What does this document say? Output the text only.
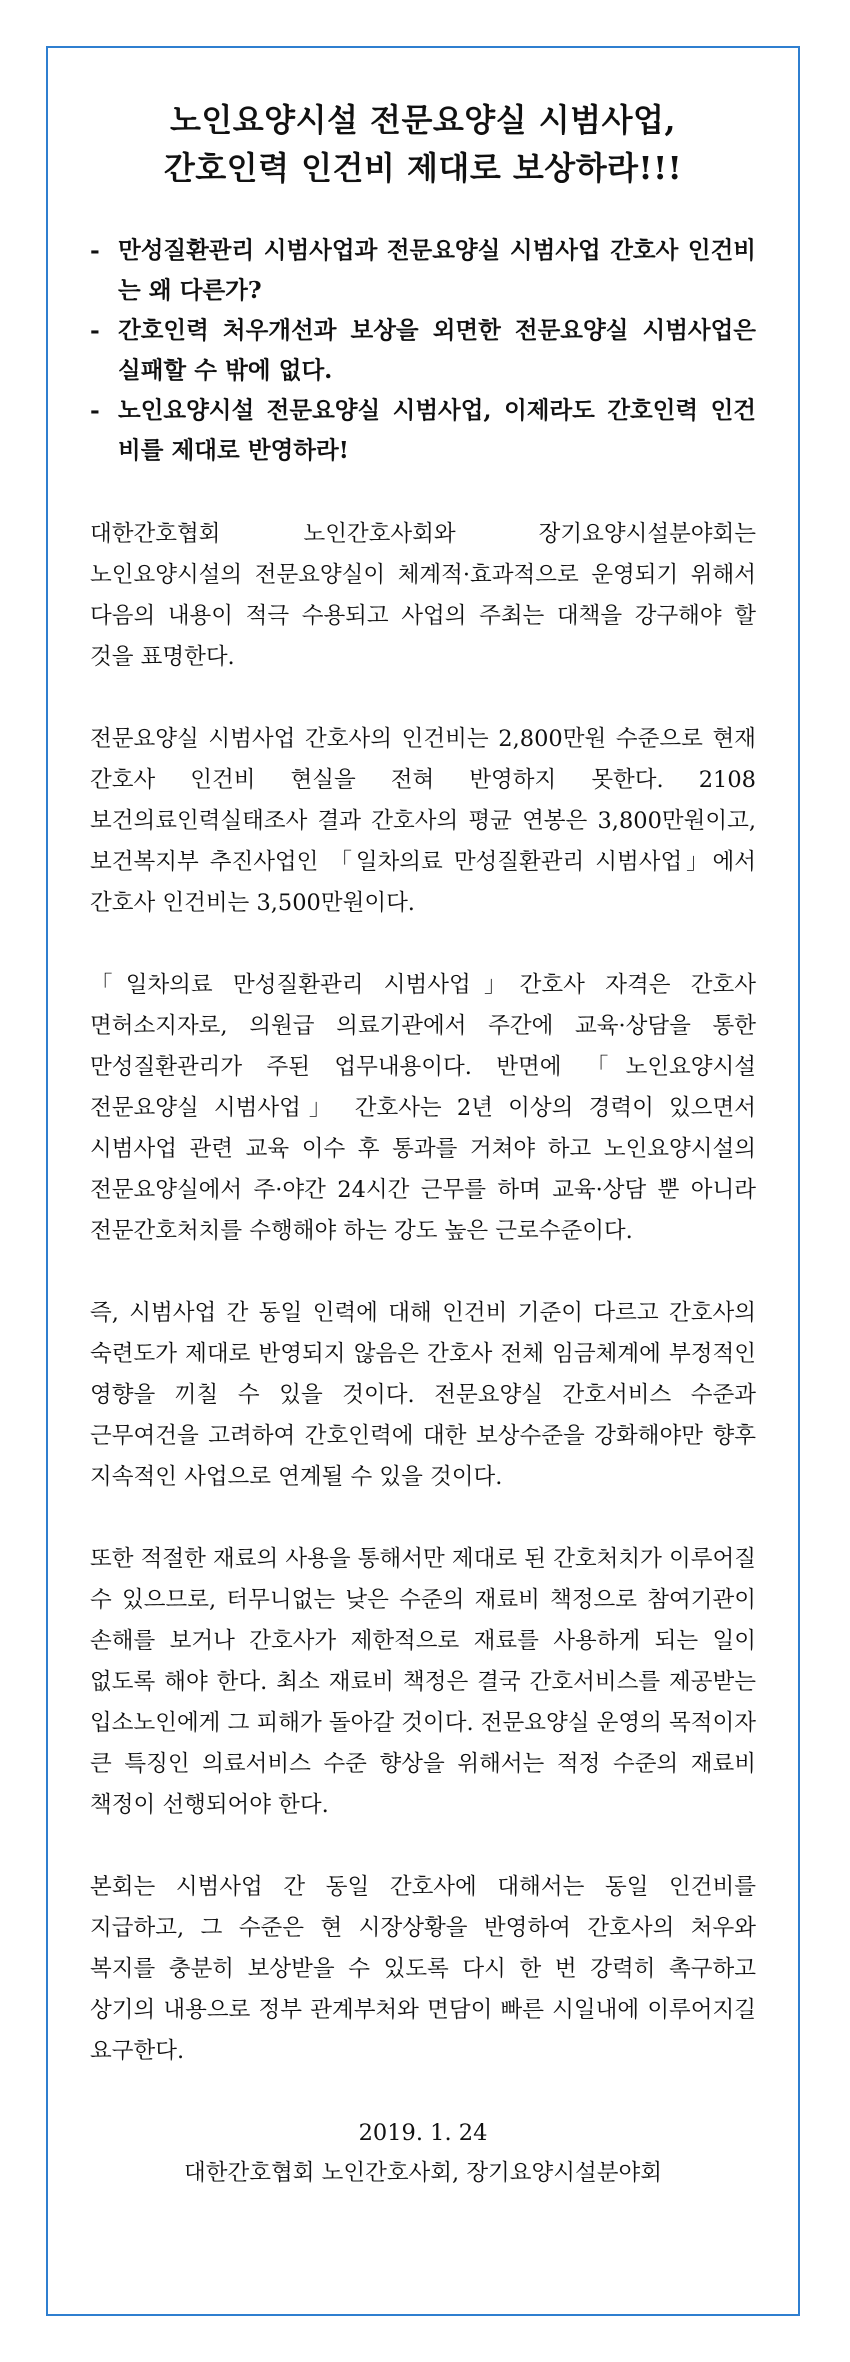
노인요양시설 전문요양실 시범사업,
간호인력 인건비 제대로 보상하라!!!
- 만성질환관리 시범사업과 전문요양실 시범사업 간호사 인건비는 왜 다른가?
- 간호인력 처우개선과 보상을 외면한 전문요양실 시범사업은 실패할 수 밖에 없다.
- 노인요양시설 전문요양실 시범사업, 이제라도 간호인력 인건비를 제대로 반영하라!

대한간호협회 노인간호사회와 장기요양시설분야회는 노인요양시설의 전문요양실이 체계적·효과적으로 운영되기 위해서 다음의 내용이 적극 수용되고 사업의 주최는 대책을 강구해야 할 것을 표명한다.

전문요양실 시범사업 간호사의 인건비는 2,800만원 수준으로 현재 간호사 인건비 현실을 전혀 반영하지 못한다. 2108 보건의료인력실태조사 결과 간호사의 평균 연봉은 3,800만원이고, 보건복지부 추진사업인 「일차의료 만성질환관리 시범사업」에서 간호사 인건비는 3,500만원이다.

「일차의료 만성질환관리 시범사업」간호사 자격은 간호사 면허소지자로, 의원급 의료기관에서 주간에 교육·상담을 통한 만성질환관리가 주된 업무내용이다. 반면에 「노인요양시설 전문요양실 시범사업」 간호사는 2년 이상의 경력이 있으면서 시범사업 관련 교육 이수 후 통과를 거쳐야 하고 노인요양시설의 전문요양실에서 주·야간 24시간 근무를 하며 교육·상담 뿐 아니라 전문간호처치를 수행해야 하는 강도 높은 근로수준이다.

즉, 시범사업 간 동일 인력에 대해 인건비 기준이 다르고 간호사의 숙련도가 제대로 반영되지 않음은 간호사 전체 임금체계에 부정적인 영향을 끼칠 수 있을 것이다. 전문요양실 간호서비스 수준과 근무여건을 고려하여 간호인력에 대한 보상수준을 강화해야만 향후 지속적인 사업으로 연계될 수 있을 것이다.

또한 적절한 재료의 사용을 통해서만 제대로 된 간호처치가 이루어질 수 있으므로, 터무니없는 낮은 수준의 재료비 책정으로 참여기관이 손해를 보거나 간호사가 제한적으로 재료를 사용하게 되는 일이 없도록 해야 한다. 최소 재료비 책정은 결국 간호서비스를 제공받는 입소노인에게 그 피해가 돌아갈 것이다. 전문요양실 운영의 목적이자 큰 특징인 의료서비스 수준 향상을 위해서는 적정 수준의 재료비 책정이 선행되어야 한다.

본회는 시범사업 간 동일 간호사에 대해서는 동일 인건비를 지급하고, 그 수준은 현 시장상황을 반영하여 간호사의 처우와 복지를 충분히 보상받을 수 있도록 다시 한 번 강력히 촉구하고 상기의 내용으로 정부 관계부처와 면담이 빠른 시일내에 이루어지길 요구한다.

2019. 1. 24
대한간호협회 노인간호사회, 장기요양시설분야회
